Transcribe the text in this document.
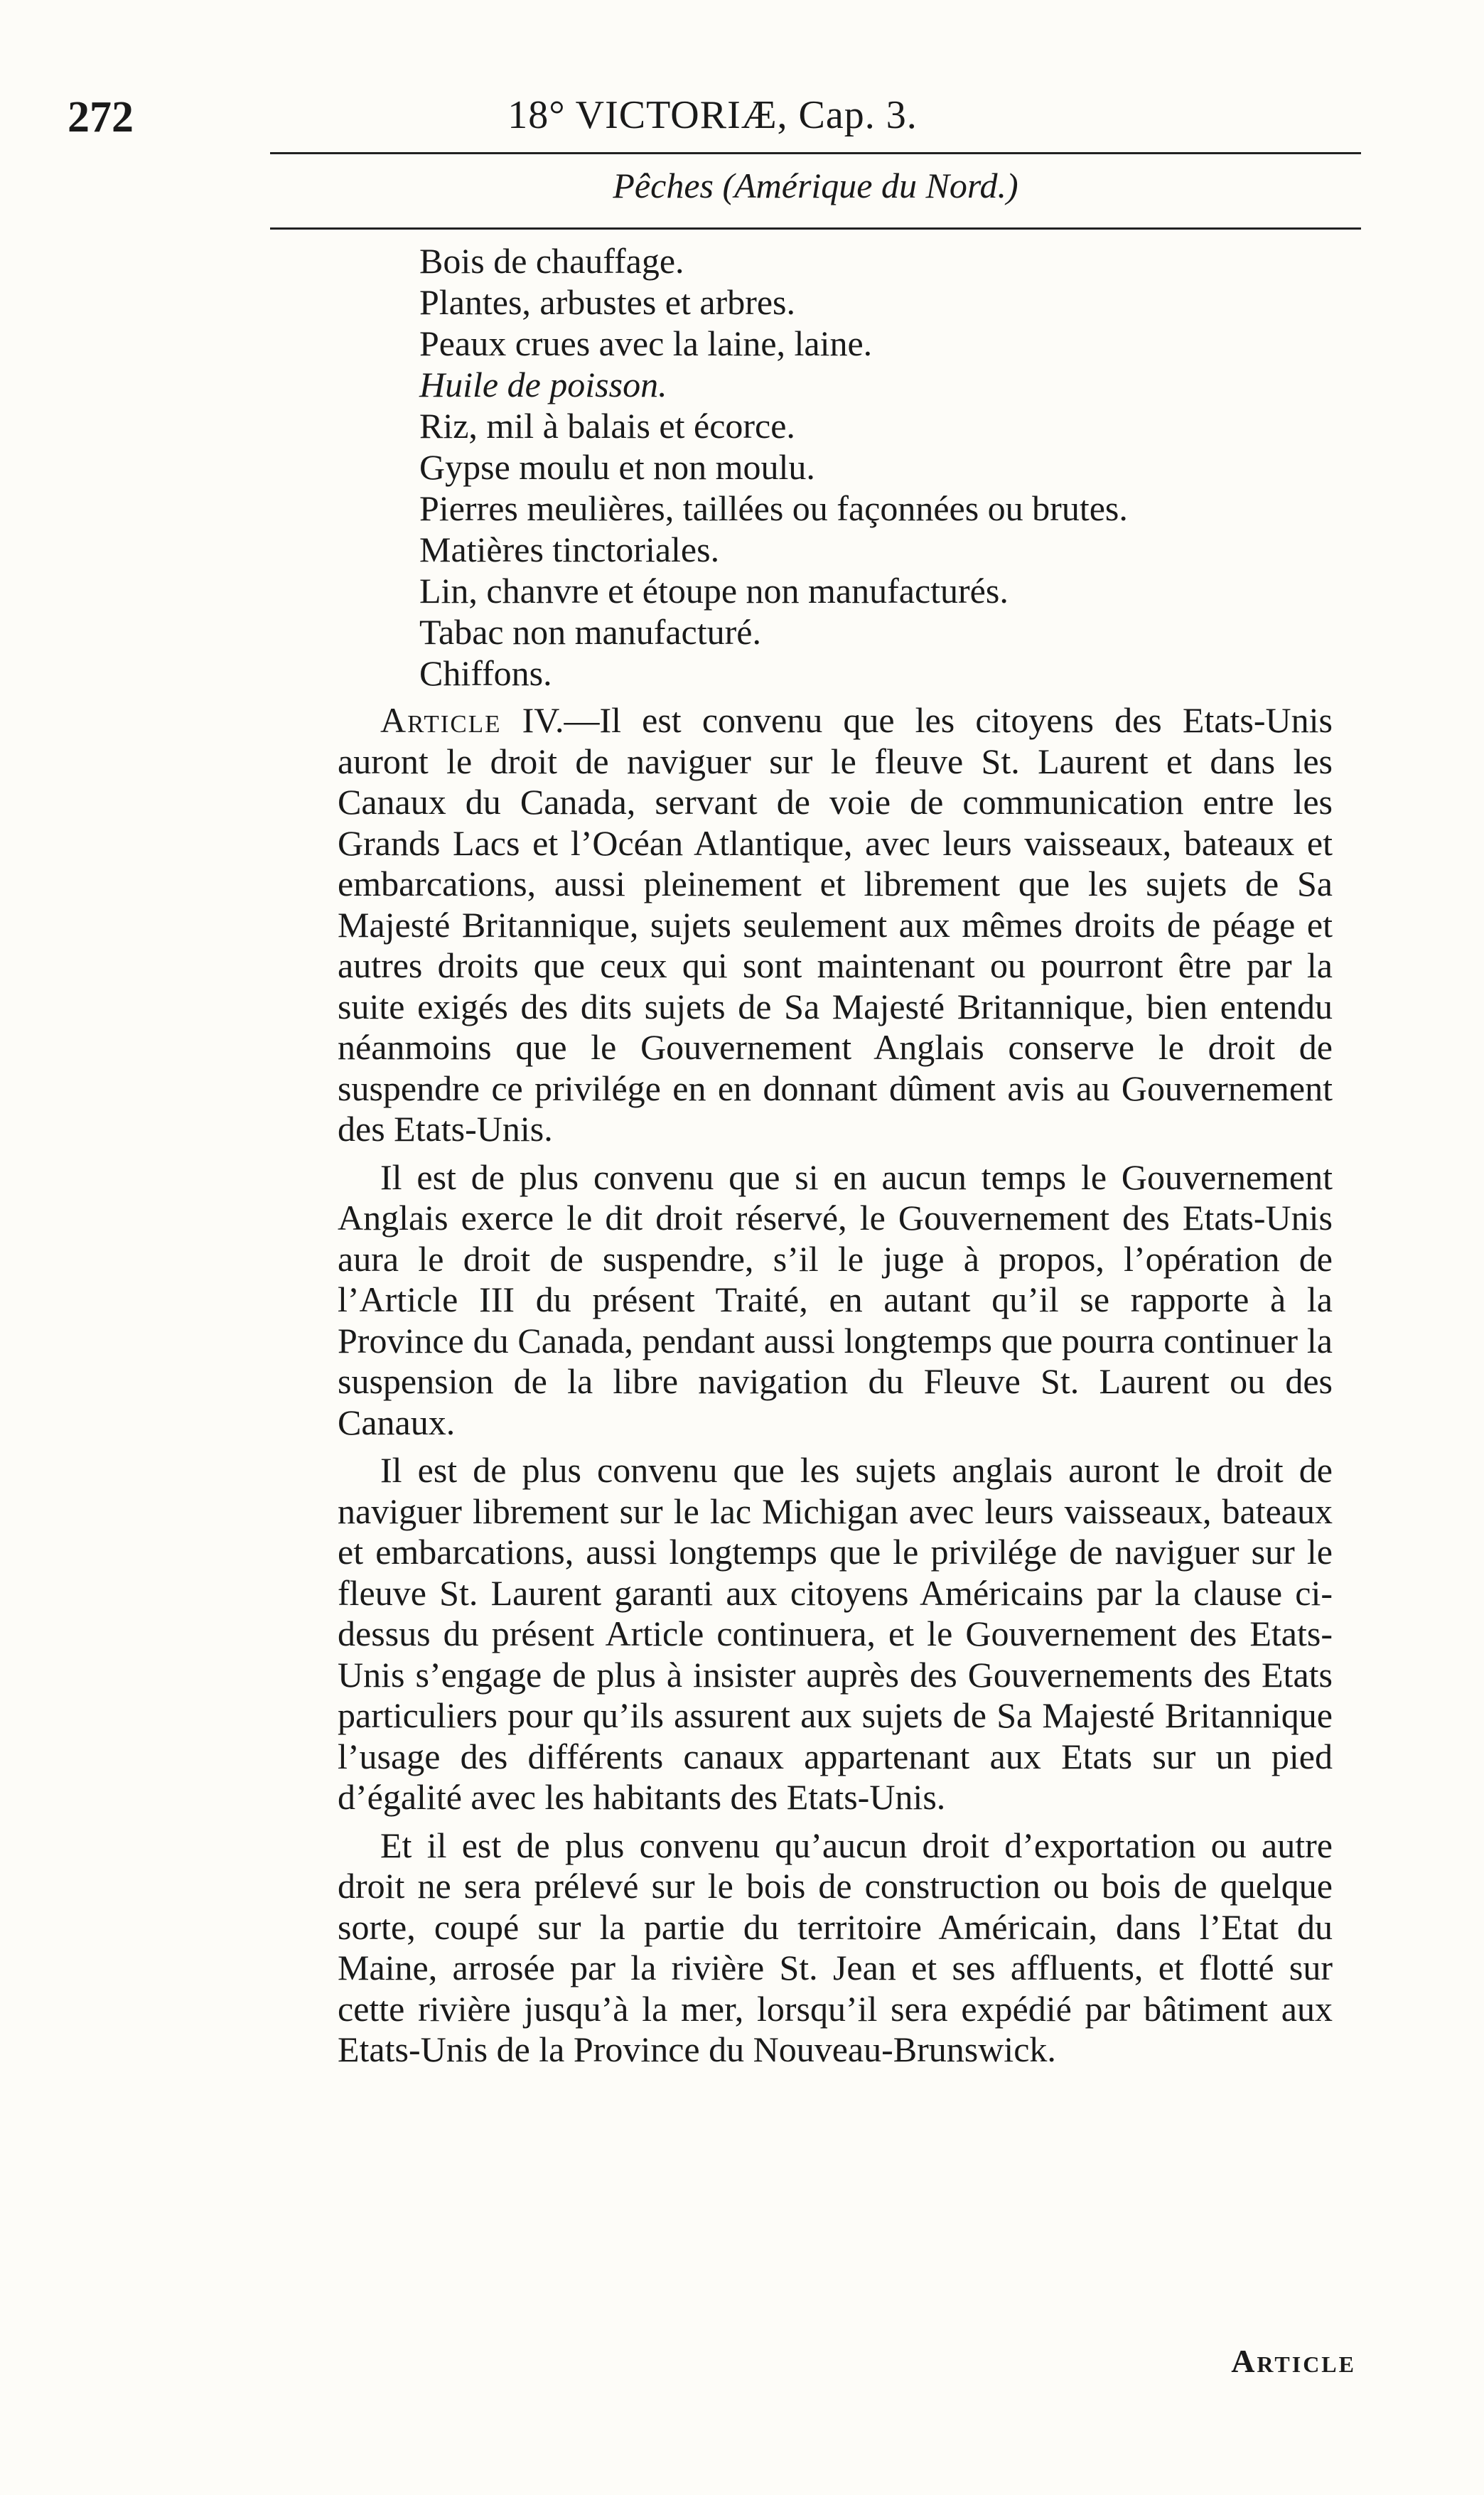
272	18° VICTORIÆ, Cap. 3.
Pêches (Amérique du Nord.)
Bois de chauffage.
Plantes, arbustes et arbres.
Peaux crues avec la laine, laine.
Huile de poisson.
Riz, mil à balais et écorce.
Gypse moulu et non moulu.
Pierres meulières, taillées ou façonnées ou brutes.
Matières tinctoriales.
Lin, chanvre et étoupe non manufacturés.
Tabac non manufacturé.
Chiffons.

Article IV.—Il est convenu que les citoyens des Etats-Unis auront le droit de naviguer sur le fleuve St. Laurent et dans les Canaux du Canada, servant de voie de communication entre les Grands Lacs et l’Océan Atlantique, avec leurs vaisseaux, bateaux et embarcations, aussi pleinement et librement que les sujets de Sa Majesté Britannique, sujets seulement aux mêmes droits de péage et autres droits que ceux qui sont maintenant ou pourront être par la suite exigés des dits sujets de Sa Majesté Britannique, bien entendu néanmoins que le Gouvernement Anglais conserve le droit de suspendre ce privilége en en donnant dûment avis au Gouvernement des Etats-Unis.

Il est de plus convenu que si en aucun temps le Gouvernement Anglais exerce le dit droit réservé, le Gouvernement des Etats-Unis aura le droit de suspendre, s’il le juge à propos, l’opération de l’Article III du présent Traité, en autant qu’il se rapporte à la Province du Canada, pendant aussi longtemps que pourra continuer la suspension de la libre navigation du Fleuve St. Laurent ou des Canaux.

Il est de plus convenu que les sujets anglais auront le droit de naviguer librement sur le lac Michigan avec leurs vaisseaux, bateaux et embarcations, aussi longtemps que le privilége de naviguer sur le fleuve St. Laurent garanti aux citoyens Américains par la clause ci-dessus du présent Article continuera, et le Gouvernement des Etats-Unis s’engage de plus à insister auprès des Gouvernements des Etats particuliers pour qu’ils assurent aux sujets de Sa Majesté Britannique l’usage des différents canaux appartenant aux Etats sur un pied d’égalité avec les habitants des Etats-Unis.

Et il est de plus convenu qu’aucun droit d’exportation ou autre droit ne sera prélevé sur le bois de construction ou bois de quelque sorte, coupé sur la partie du territoire Américain, dans l’Etat du Maine, arrosée par la rivière St. Jean et ses affluents, et flotté sur cette rivière jusqu’à la mer, lorsqu’il sera expédié par bâtiment aux Etats-Unis de la Province du Nouveau-Brunswick.

Article
